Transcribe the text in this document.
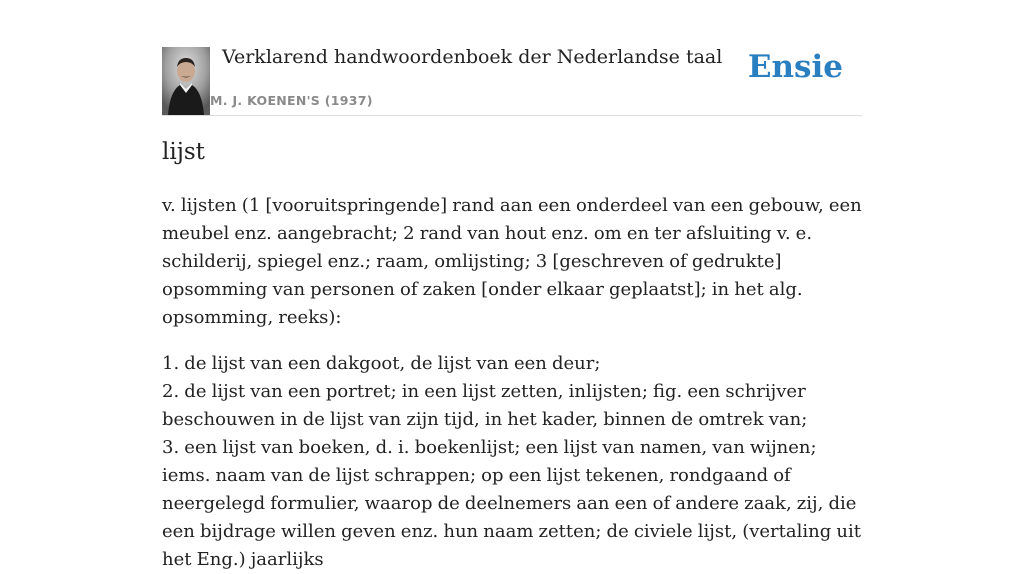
Verklarend handwoordenboek der Nederlandse taal
M. J. KOENEN'S (1937)
Ensie
lijst

v. lijsten (1 [vooruitspringende] rand aan een onderdeel van een gebouw, een meubel enz. aangebracht; 2 rand van hout enz. om en ter afsluiting v. e. schilderij, spiegel enz.; raam, omlijsting; 3 [geschreven of gedrukte] opsomming van personen of zaken [onder elkaar geplaatst]; in het alg. opsomming, reeks):

1. de lijst van een dakgoot, de lijst van een deur;
2. de lijst van een portret; in een lijst zetten, inlijsten; fig. een schrijver beschouwen in de lijst van zijn tijd, in het kader, binnen de omtrek van;
3. een lijst van boeken, d. i. boekenlijst; een lijst van namen, van wijnen; iems. naam van de lijst schrappen; op een lijst tekenen, rondgaand of neergelegd formulier, waarop de deelnemers aan een of andere zaak, zij, die een bijdrage willen geven enz. hun naam zetten; de civiele lijst, (vertaling uit het Eng.) jaarlijks
